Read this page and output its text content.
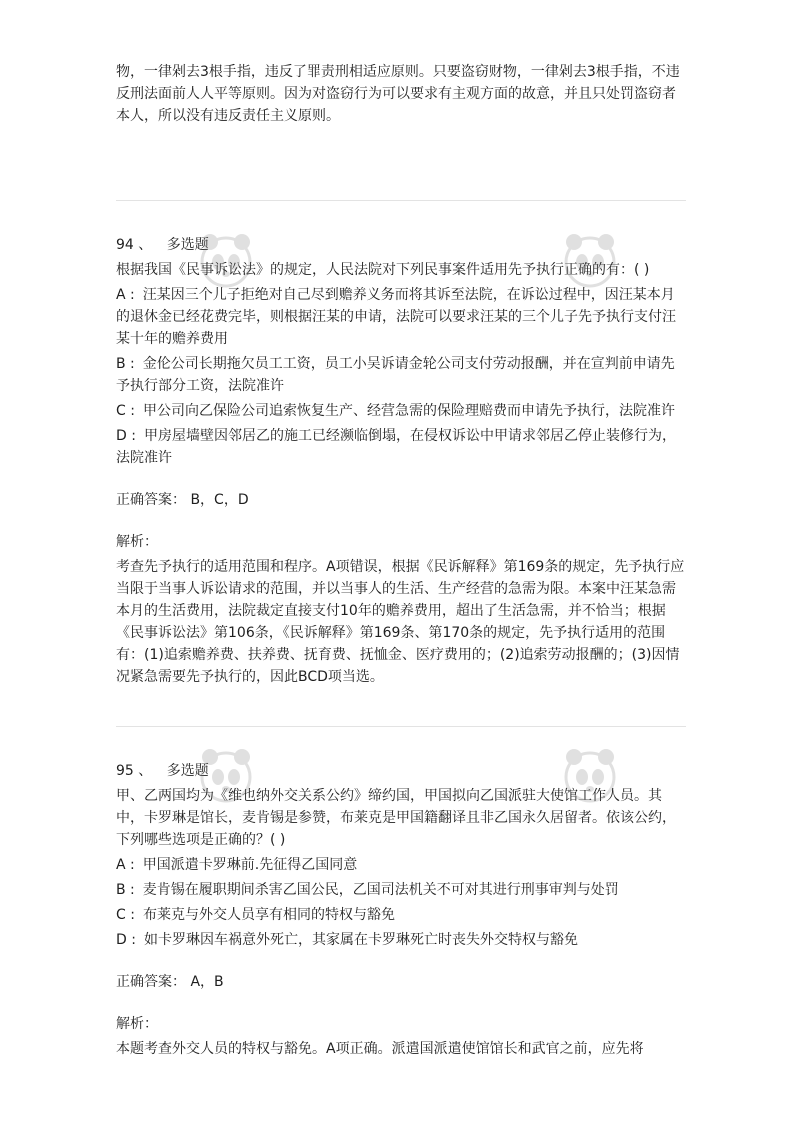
物，一律剁去3根手指，违反了罪责刑相适应原则。只要盗窃财物，一律剁去3根手指，不违反刑法面前人人平等原则。因为对盗窃行为可以要求有主观方面的故意，并且只处罚盗窃者本人，所以没有违反责任主义原则。

94 、 多选题

根据我国《民事诉讼法》的规定，人民法院对下列民事案件适用先予执行正确的有：( )

A : 汪某因三个儿子拒绝对自己尽到赡养义务而将其诉至法院，在诉讼过程中，因汪某本月的退休金已经花费完毕，则根据汪某的申请，法院可以要求汪某的三个儿子先予执行支付汪某十年的赡养费用

B : 金伦公司长期拖欠员工工资，员工小吴诉请金轮公司支付劳动报酬，并在宣判前申请先予执行部分工资，法院准许

C : 甲公司向乙保险公司追索恢复生产、经营急需的保险理赔费而申请先予执行，法院准许

D : 甲房屋墙壁因邻居乙的施工已经濒临倒塌，在侵权诉讼中甲请求邻居乙停止装修行为，法院准许

正确答案： B，C，D

解析：

考查先予执行的适用范围和程序。A项错误，根据《民诉解释》第169条的规定，先予执行应当限于当事人诉讼请求的范围，并以当事人的生活、生产经营的急需为限。本案中汪某急需本月的生活费用，法院裁定直接支付10年的赡养费用，超出了生活急需，并不恰当；根据《民事诉讼法》第106条，《民诉解释》第169条、第170条的规定，先予执行适用的范围有：(1)追索赡养费、扶养费、抚育费、抚恤金、医疗费用的；(2)追索劳动报酬的；(3)因情况紧急需要先予执行的，因此BCD项当选。

95 、 多选题

甲、乙两国均为《维也纳外交关系公约》缔约国，甲国拟向乙国派驻大使馆工作人员。其中，卡罗琳是馆长，麦肯锡是参赞，布莱克是甲国籍翻译且非乙国永久居留者。依该公约，下列哪些选项是正确的？( )

A : 甲国派遣卡罗琳前.先征得乙国同意

B : 麦肯锡在履职期间杀害乙国公民，乙国司法机关不可对其进行刑事审判与处罚

C : 布莱克与外交人员享有相同的特权与豁免

D : 如卡罗琳因车祸意外死亡，其家属在卡罗琳死亡时丧失外交特权与豁免

正确答案： A，B

解析：

本题考查外交人员的特权与豁免。A项正确。派遣国派遣使馆馆长和武官之前，应先将
